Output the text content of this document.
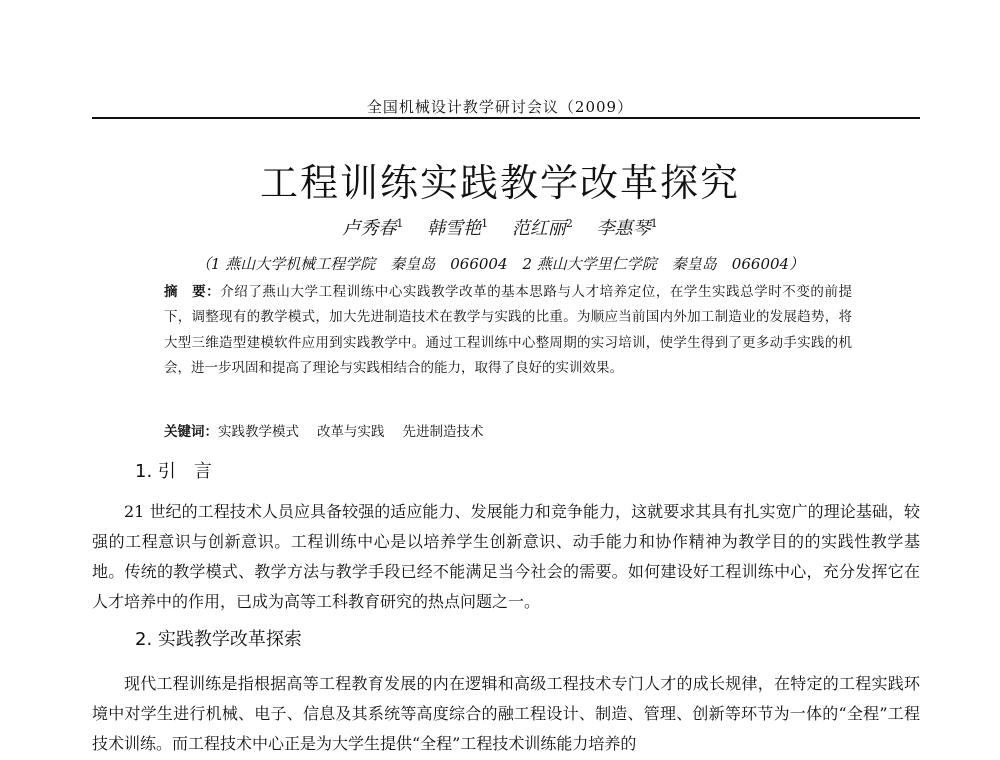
全国机械设计教学研讨会议（2009）
工程训练实践教学改革探究
卢秀春$^1$ 韩雪艳$^1$ 范红丽$^2$ 李惠琴$^1$
（1 燕山大学机械工程学院　秦皇岛　066004　2 燕山大学里仁学院　秦皇岛　066004）
摘　要：介绍了燕山大学工程训练中心实践教学改革的基本思路与人才培养定位，在学生实践总学时不变的前提下，调整现有的教学模式，加大先进制造技术在教学与实践的比重。为顺应当前国内外加工制造业的发展趋势，将大型三维造型建模软件应用到实践教学中。通过工程训练中心整周期的实习培训，使学生得到了更多动手实践的机会，进一步巩固和提高了理论与实践相结合的能力，取得了良好的实训效果。
关键词：实践教学模式 改革与实践 先进制造技术
1. 引　言
21 世纪的工程技术人员应具备较强的适应能力、发展能力和竞争能力，这就要求其具有扎实宽广的理论基础，较强的工程意识与创新意识。工程训练中心是以培养学生创新意识、动手能力和协作精神为教学目的的实践性教学基地。传统的教学模式、教学方法与教学手段已经不能满足当今社会的需要。如何建设好工程训练中心，充分发挥它在人才培养中的作用，已成为高等工科教育研究的热点问题之一。
2. 实践教学改革探索
现代工程训练是指根据高等工程教育发展的内在逻辑和高级工程技术专门人才的成长规律，在特定的工程实践环境中对学生进行机械、电子、信息及其系统等高度综合的融工程设计、制造、管理、创新等环节为一体的“全程”工程技术训练。而工程技术中心正是为大学生提供“全程”工程技术训练能力培养的
